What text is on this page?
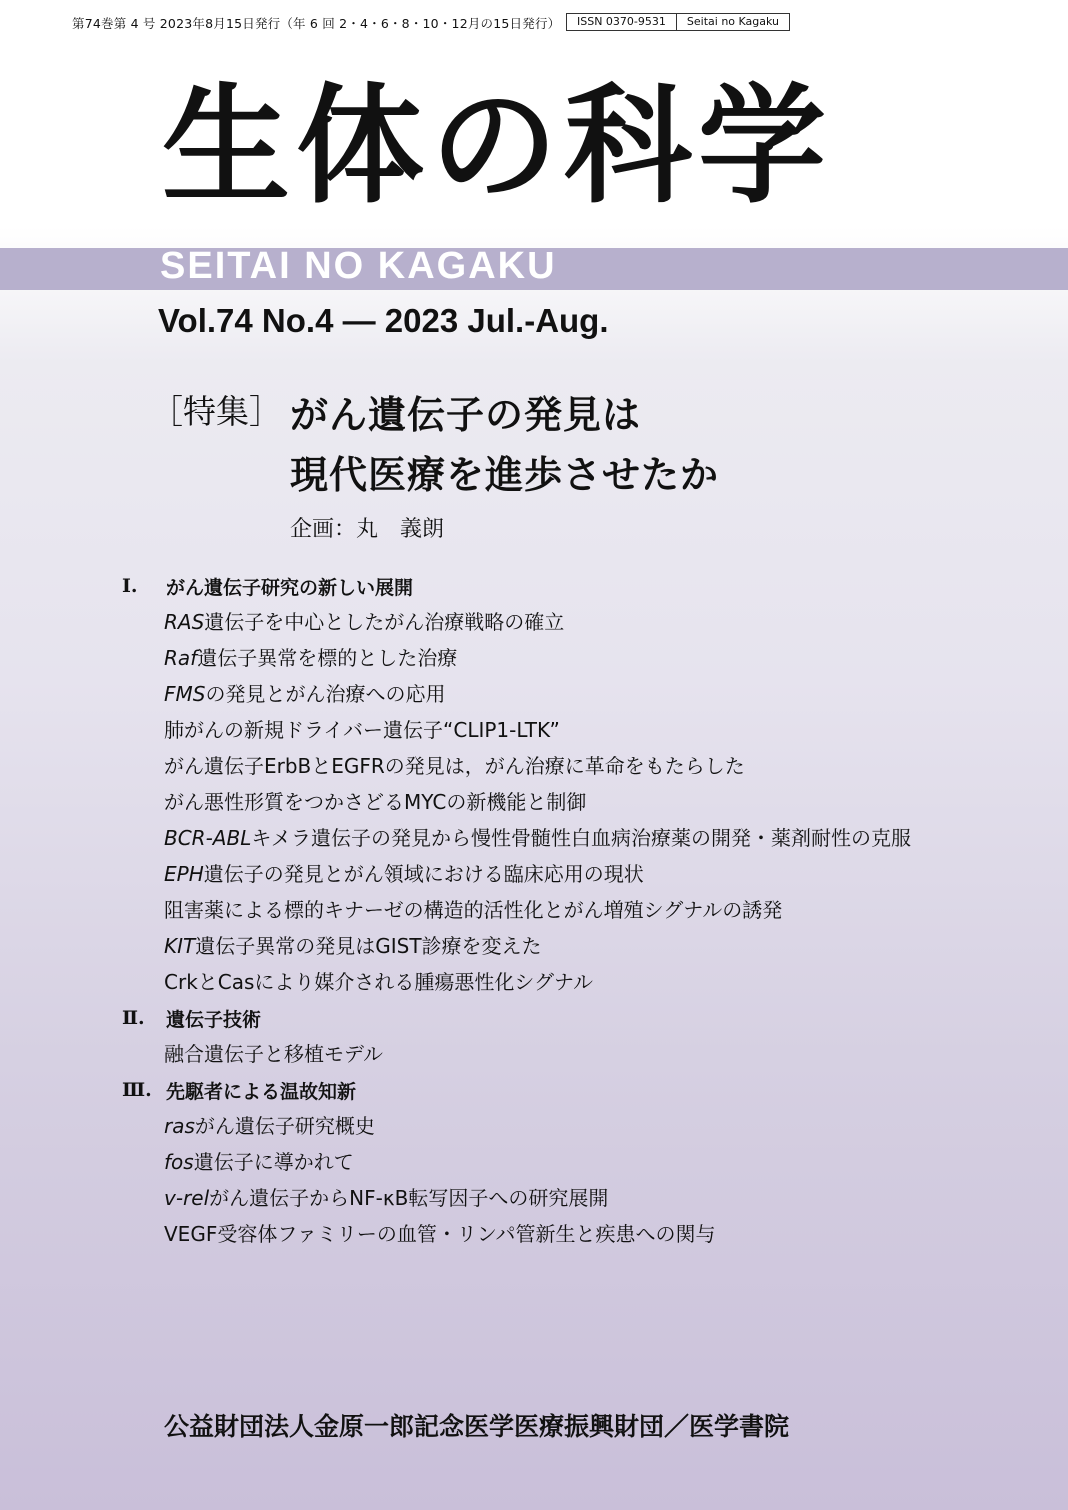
第74巻第 4 号 2023年8月15日発行（年 6 回 2・4・6・8・10・12月の15日発行）	ISSN 0370-9531	Seitai no Kagaku
生体の科学
SEITAI NO KAGAKU
Vol.74 No.4 ― 2023 Jul.-Aug.
［特集］ がん遺伝子の発見は
現代医療を進歩させたか
企画：丸　義朗
Ⅰ.	がん遺伝子研究の新しい展開
RAS遺伝子を中心としたがん治療戦略の確立
Raf遺伝子異常を標的とした治療
FMSの発見とがん治療への応用
肺がんの新規ドライバー遺伝子“CLIP1-LTK”
がん遺伝子ErbBとEGFRの発見は，がん治療に革命をもたらした
がん悪性形質をつかさどるMYCの新機能と制御
BCR-ABLキメラ遺伝子の発見から慢性骨髄性白血病治療薬の開発・薬剤耐性の克服
EPH遺伝子の発見とがん領域における臨床応用の現状
阻害薬による標的キナーゼの構造的活性化とがん増殖シグナルの誘発
KIT遺伝子異常の発見はGIST診療を変えた
CrkとCasにより媒介される腫瘍悪性化シグナル
Ⅱ.	遺伝子技術
融合遺伝子と移植モデル
Ⅲ. 先駆者による温故知新
rasがん遺伝子研究概史
fos遺伝子に導かれて
v-relがん遺伝子からNF-κB転写因子への研究展開
VEGF受容体ファミリーの血管・リンパ管新生と疾患への関与
公益財団法人金原一郎記念医学医療振興財団／医学書院
